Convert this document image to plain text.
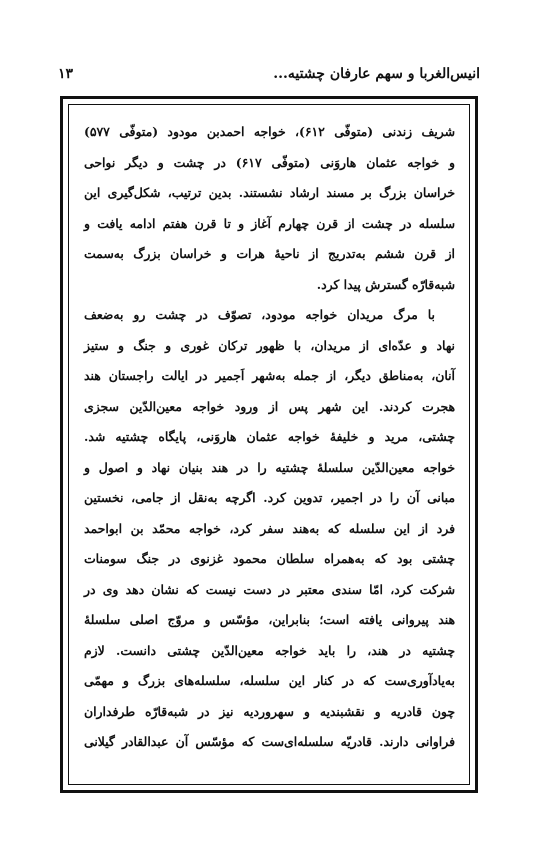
انیس‌الغربا و سهم عارفان چشتیه...
۱۳
شریف زندنی (متوفّی ۶۱۲)، خواجه احمدبن مودود (متوفّی ۵۷۷)
و خواجه عثمان هاروَنی (متوفّی ۶۱۷) در چشت و دیگر نواحی
خراسان بزرگ بر مسند ارشاد نشستند. بدین ترتیب، شکل‌گیری این
سلسله در چشت از قرن چهارم آغاز و تا قرن هفتم ادامه یافت و
از قرن ششم به‌تدریج از ناحیهٔ هرات و خراسان بزرگ به‌سمت
شبه‌قارّه گسترش پیدا کرد.
با مرگ مریدان خواجه مودود، تصوّف در چشت رو به‌ضعف
نهاد و عدّه‌ای از مریدان، با ظهور ترکان غوری و جنگ و ستیز
آنان، به‌مناطق دیگر، از جمله به‌شهر اَجمیر در ایالت راجستان هند
هجرت کردند. این شهر پس از ورود خواجه معین‌الدّین سجزی
چشتی، مرید و خلیفهٔ خواجه عثمان هاروَنی، پایگاه چشتیه شد.
خواجه معین‌الدّین سلسلهٔ چشتیه را در هند بنیان نهاد و اصول و
مبانی آن را در اجمیر، تدوین کرد. اگرچه به‌نقل از جامی، نخستین
فرد از این سلسله که به‌هند سفر کرد، خواجه محمّد بن ابواحمد
چشتی بود که به‌همراه سلطان محمود غزنوی در جنگ سومنات
شرکت کرد، امّا سندی معتبر در دست نیست که نشان دهد وی در
هند پیروانی یافته است؛ بنابراین، مؤسّس و مروّج اصلی سلسلهٔ
چشتیه در هند، را باید خواجه معین‌الدّین چشتی دانست. لازم
به‌یادآوری‌ست که در کنار این سلسله، سلسله‌های بزرگ و مهمّی
چون قادریه و نقشبندیه و سهروردیه نیز در شبه‌قارّه طرفداران
فراوانی دارند. قادریّه سلسله‌ای‌ست که مؤسّس آن عبدالقادر گیلانی
